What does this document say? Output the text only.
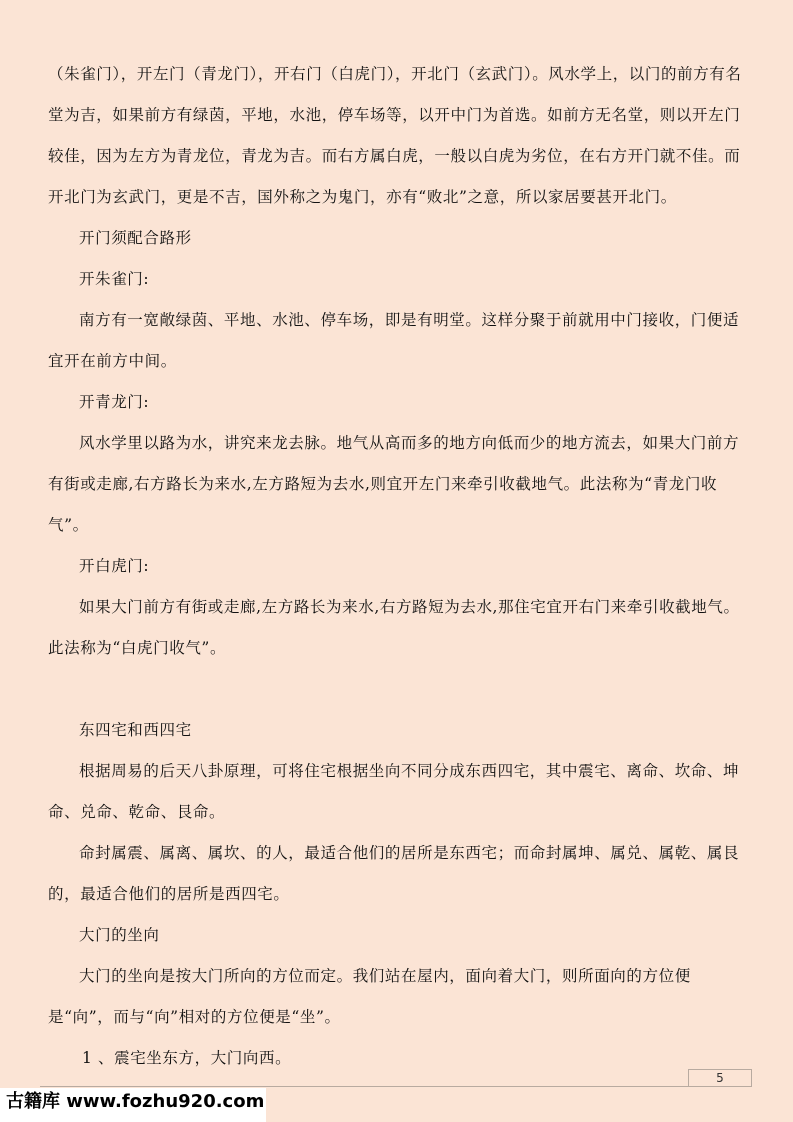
（朱雀门），开左门（青龙门），开右门（白虎门），开北门（玄武门）。风水学上，以门的前方有名堂为吉，如果前方有绿茵，平地，水池，停车场等，以开中门为首选。如前方无名堂，则以开左门较佳，因为左方为青龙位，青龙为吉。而右方属白虎，一般以白虎为劣位，在右方开门就不佳。而开北门为玄武门，更是不吉，国外称之为鬼门，亦有“败北”之意，所以家居要甚开北门。

开门须配合路形

开朱雀门:

南方有一宽敞绿茵、平地、水池、停车场，即是有明堂。这样分聚于前就用中门接收，门便适宜开在前方中间。

开青龙门:

风水学里以路为水，讲究来龙去脉。地气从高而多的地方向低而少的地方流去，如果大门前方有街或走廊,右方路长为来水,左方路短为去水,则宜开左门来牵引收截地气。此法称为“青龙门收气”。

开白虎门:

如果大门前方有街或走廊,左方路长为来水,右方路短为去水,那住宅宜开右门来牵引收截地气。此法称为“白虎门收气”。

东四宅和西四宅

根据周易的后天八卦原理，可将住宅根据坐向不同分成东西四宅，其中震宅、离命、坎命、坤命、兑命、乾命、艮命。

命封属震、属离、属坎、的人，最适合他们的居所是东西宅；而命封属坤、属兑、属乾、属艮的，最适合他们的居所是西四宅。

大门的坐向

大门的坐向是按大门所向的方位而定。我们站在屋内，面向着大门，则所面向的方位便是“向”，而与“向”相对的方位便是“坐”。

1 、震宅坐东方，大门向西。

5
古籍库 www.fozhu920.com
